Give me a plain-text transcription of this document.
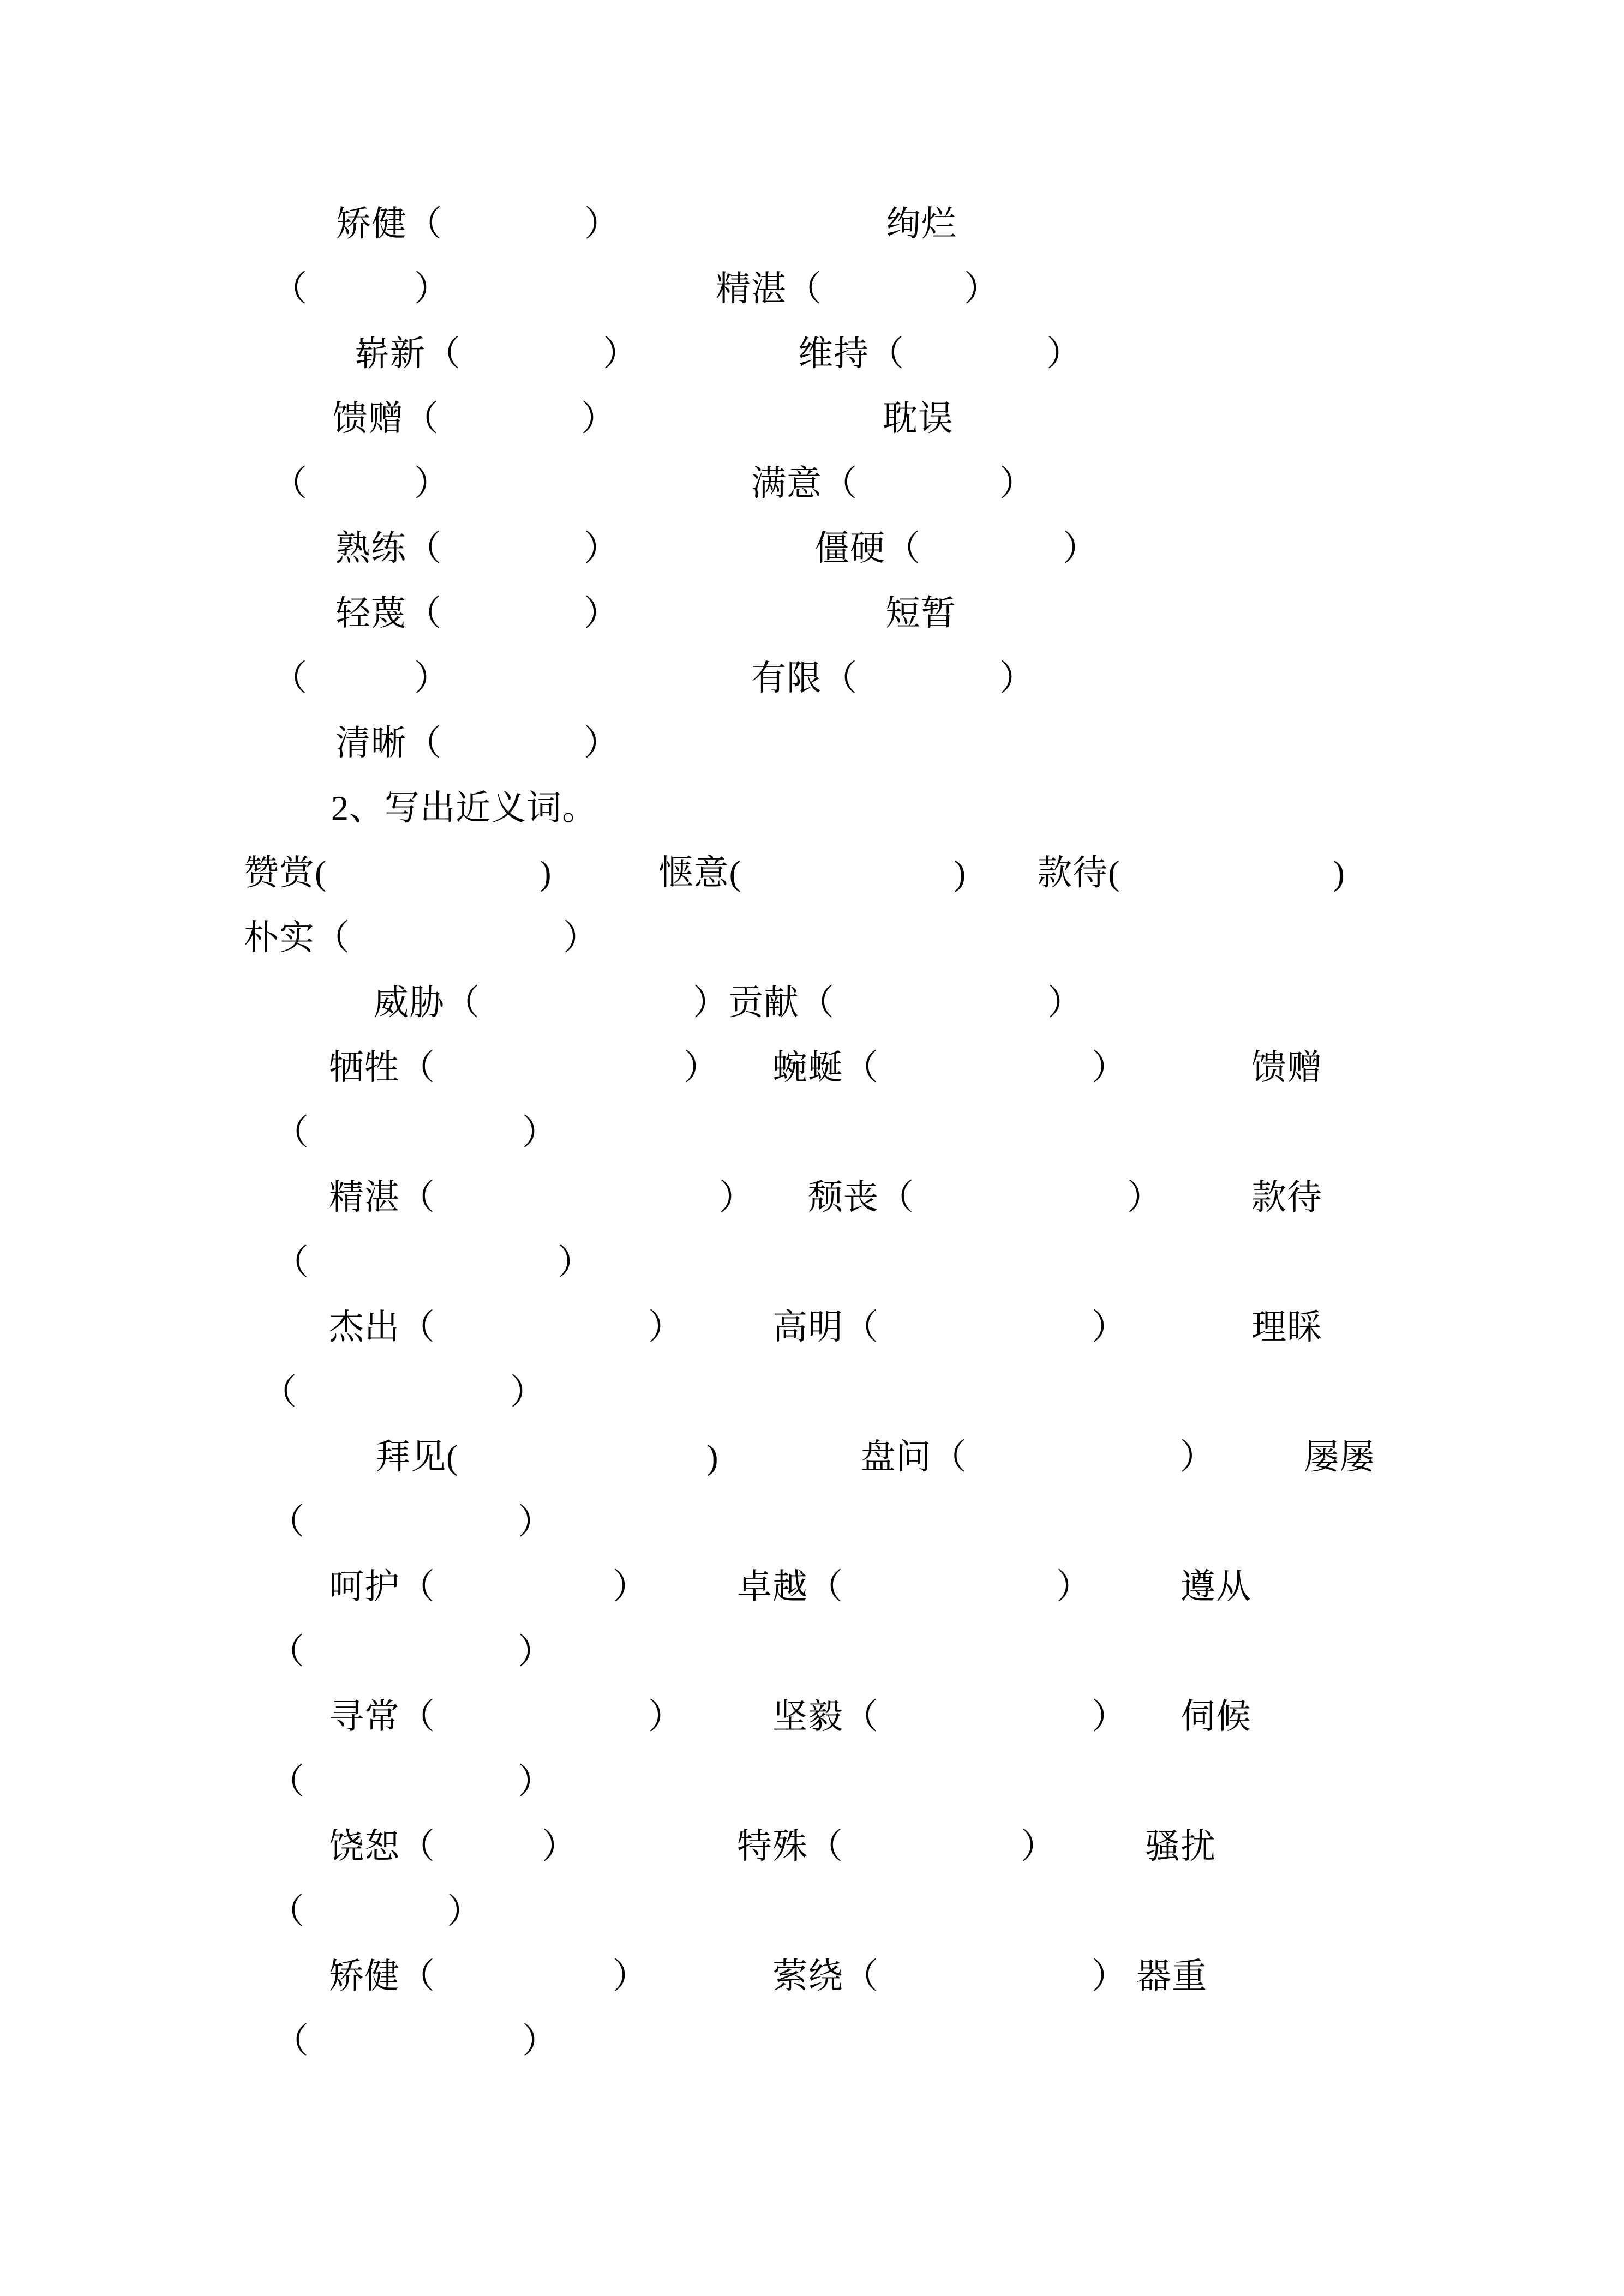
矫健（　　　　）　　　　　　　　绚烂
（　　　）　　　　　　　　精湛（　　　　）
崭新（　　　　）　　　　　维持（　　　　）
馈赠（　　　　）　　　　　　　　耽误
（　　　）　　　　　　　　　满意（　　　　）
熟练（　　　　）　　　　　　僵硬（　　　　）
轻蔑（　　　　）　　　　　　　　短暂
（　　　）　　　　　　　　　有限（　　　　）
清晰（　　　　）
2、写出近义词。
赞赏(　　　　　　)　　　惬意(　　　　　　)　　款待(　　　　　　)
朴实（　　　　　　）
威胁（　　　　　　）贡献（　　　　　　）
牺牲（　　　　　　　）　　蜿蜒（　　　　　　）　　　　馈赠
（　　　　　　）
精湛（　　　　　　　　）　　颓丧（　　　　　　）　　　款待
（　　　　　　　）
杰出（　　　　　　）　　　高明（　　　　　　）　　　　理睬
（　　　　　　）
拜见(　　　　　　　)　　　　盘问（　　　　　　）　　　屡屡
（　　　　　　）
呵护（　　　　　）　　　卓越（　　　　　　）　　　遵从
（　　　　　　）
寻常（　　　　　　）　　　坚毅（　　　　　　）　　伺候
（　　　　　　）
饶恕（　　　）　　　　　特殊（　　　　　）　　　骚扰
（　　　　）
矫健（　　　　　）　　　　萦绕（　　　　　　） 器重
（　　　　　　）
